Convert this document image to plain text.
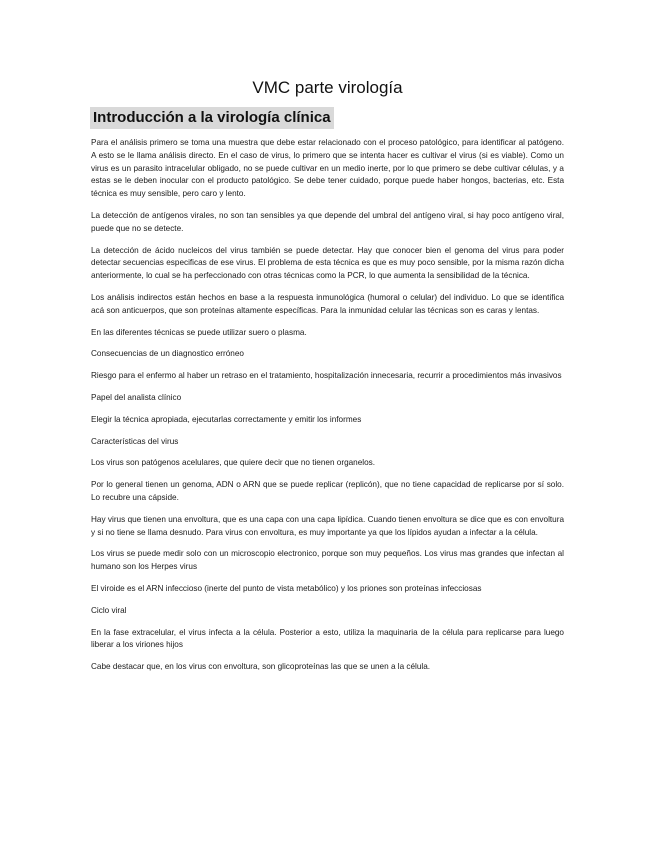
VMC parte virología
Introducción a la virología clínica

Para el análisis primero se toma una muestra que debe estar relacionado con el proceso patológico, para identificar al patógeno. A esto se le llama análisis directo. En el caso de virus, lo primero que se intenta hacer es cultivar el virus (si es viable). Como un virus es un parasito intracelular obligado, no se puede cultivar en un medio inerte, por lo que primero se debe cultivar células, y a estas se le deben inocular con el producto patológico. Se debe tener cuidado, porque puede haber hongos, bacterias, etc. Esta técnica es muy sensible, pero caro y lento.

La detección de antígenos virales, no son tan sensibles ya que depende del umbral del antígeno viral, si hay poco antígeno viral, puede que no se detecte.

La detección de ácido nucleicos del virus también se puede detectar. Hay que conocer bien el genoma del virus para poder detectar secuencias especificas de ese virus. El problema de esta técnica es que es muy poco sensible, por la misma razón dicha anteriormente, lo cual se ha perfeccionado con otras técnicas como la PCR, lo que aumenta la sensibilidad de la técnica.

Los análisis indirectos están hechos en base a la respuesta inmunológica (humoral o celular) del individuo. Lo que se identifica acá son anticuerpos, que son proteínas altamente específicas. Para la inmunidad celular las técnicas son es caras y lentas.

En las diferentes técnicas se puede utilizar suero o plasma.

Consecuencias de un diagnostico erróneo

Riesgo para el enfermo al haber un retraso en el tratamiento, hospitalización innecesaria, recurrir a procedimientos más invasivos

Papel del analista clínico

Elegir la técnica apropiada, ejecutarlas correctamente y emitir los informes

Características del virus

Los virus son patógenos acelulares, que quiere decir que no tienen organelos.

Por lo general tienen un genoma, ADN o ARN que se puede replicar (replicón), que no tiene capacidad de replicarse por sí solo. Lo recubre una cápside.

Hay virus que tienen una envoltura, que es una capa con una capa lipídica. Cuando tienen envoltura se dice que es con envoltura y si no tiene se llama desnudo. Para virus con envoltura, es muy importante ya que los lípidos ayudan a infectar a la célula.

Los virus se puede medir solo con un microscopio electronico, porque son muy pequeños. Los virus mas grandes que infectan al humano son los Herpes virus

El viroide es el ARN infeccioso (inerte del punto de vista metabólico) y los priones son proteínas infecciosas

Ciclo viral

En la fase extracelular, el virus infecta a la célula. Posterior a esto, utiliza la maquinaria de la célula para replicarse para luego liberar a los viriones hijos

Cabe destacar que, en los virus con envoltura, son glicoproteínas las que se unen a la célula.
